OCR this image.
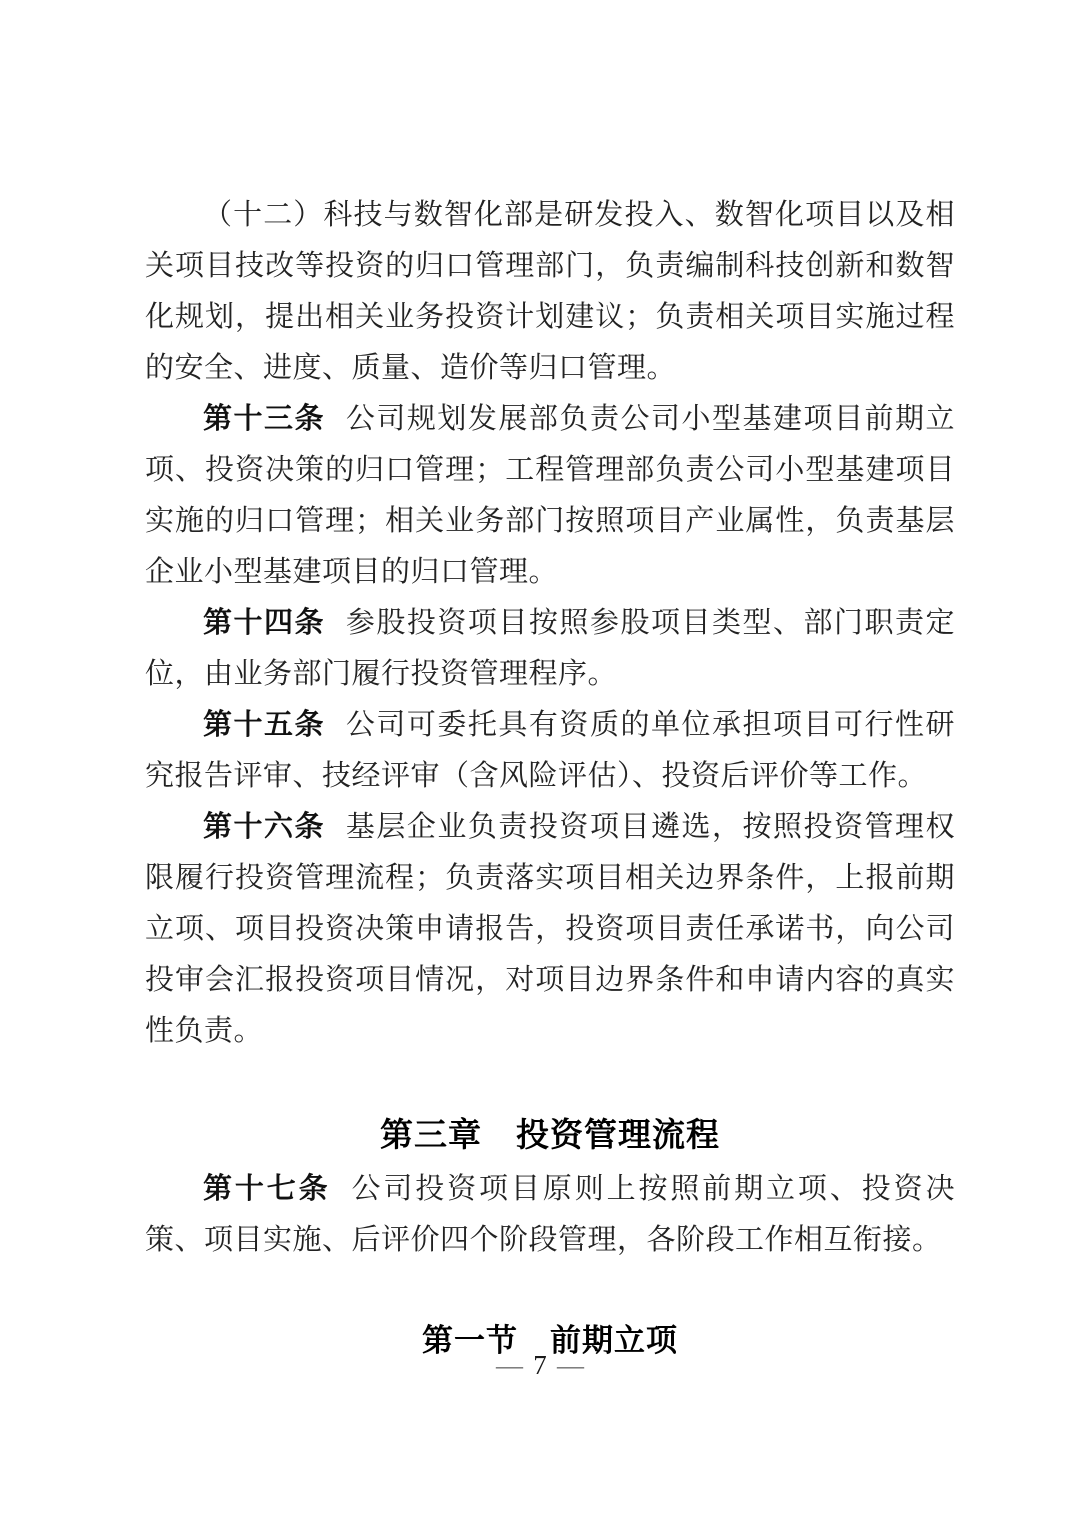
（十二）科技与数智化部是研发投入、数智化项目以及相关项目技改等投资的归口管理部门，负责编制科技创新和数智化规划，提出相关业务投资计划建议；负责相关项目实施过程的安全、进度、质量、造价等归口管理。

第十三条 公司规划发展部负责公司小型基建项目前期立项、投资决策的归口管理；工程管理部负责公司小型基建项目实施的归口管理；相关业务部门按照项目产业属性，负责基层企业小型基建项目的归口管理。

第十四条 参股投资项目按照参股项目类型、部门职责定位，由业务部门履行投资管理程序。

第十五条 公司可委托具有资质的单位承担项目可行性研究报告评审、技经评审（含风险评估）、投资后评价等工作。

第十六条 基层企业负责投资项目遴选，按照投资管理权限履行投资管理流程；负责落实项目相关边界条件，上报前期立项、项目投资决策申请报告，投资项目责任承诺书，向公司投审会汇报投资项目情况，对项目边界条件和申请内容的真实性负责。

第三章　投资管理流程

第十七条 公司投资项目原则上按照前期立项、投资决策、项目实施、后评价四个阶段管理，各阶段工作相互衔接。

第一节　前期立项
— 7 —
